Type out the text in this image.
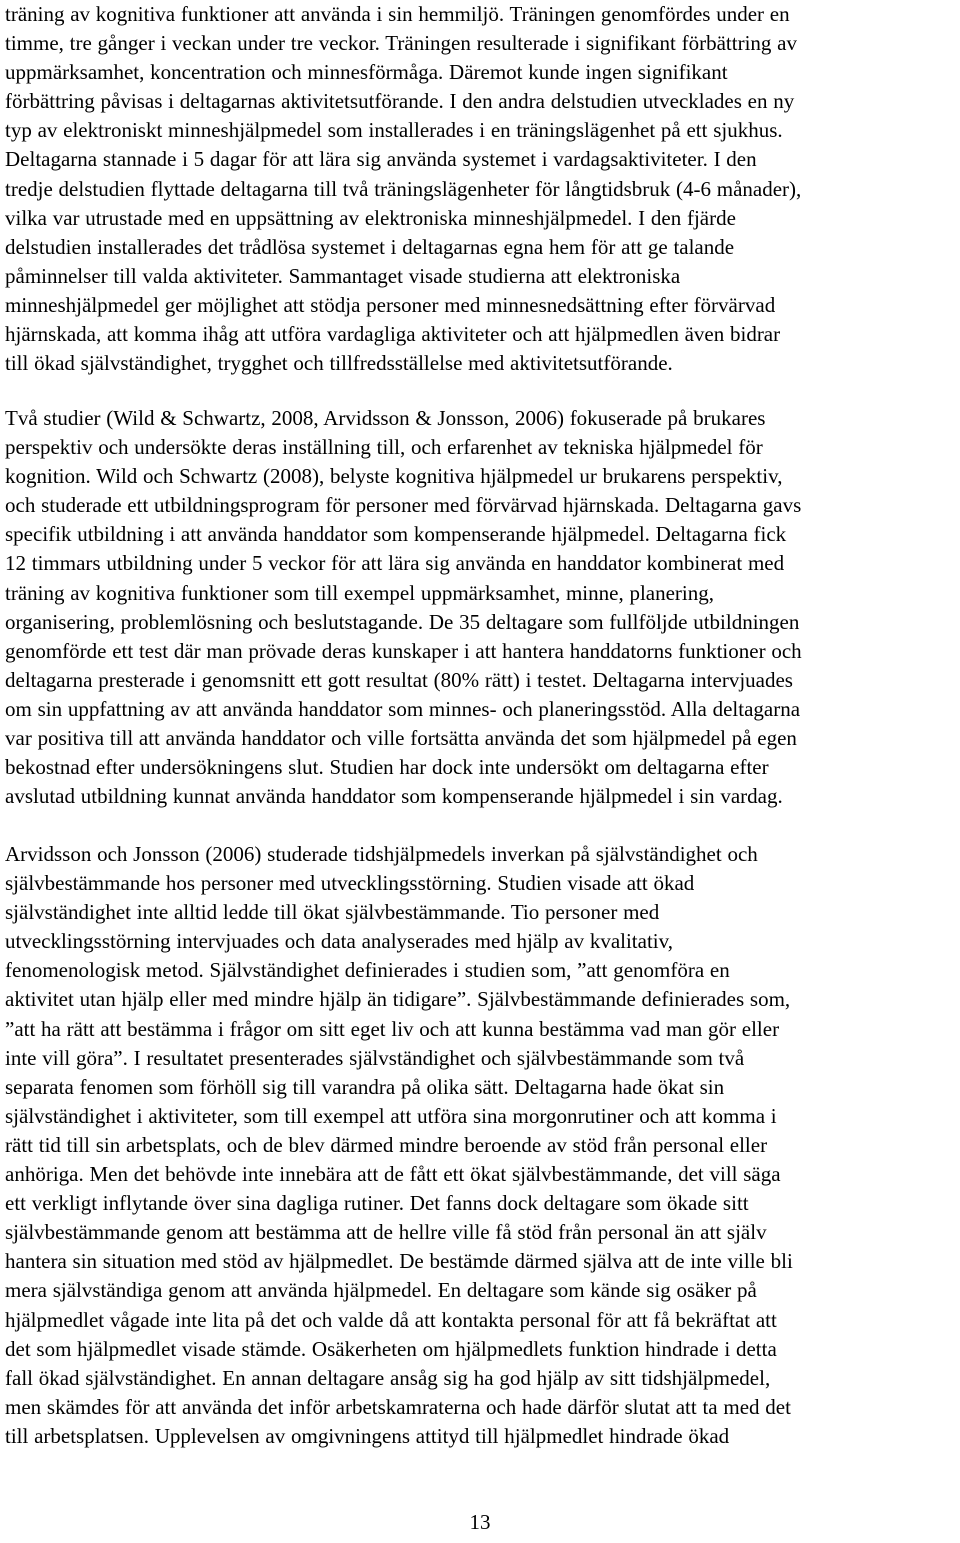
träning av kognitiva funktioner att använda i sin hemmiljö. Träningen genomfördes under en
timme, tre gånger i veckan under tre veckor. Träningen resulterade i signifikant förbättring av
uppmärksamhet, koncentration och minnesförmåga. Däremot kunde ingen signifikant
förbättring påvisas i deltagarnas aktivitetsutförande. I den andra delstudien utvecklades en ny
typ av elektroniskt minneshjälpmedel som installerades i en träningslägenhet på ett sjukhus.
Deltagarna stannade i 5 dagar för att lära sig använda systemet i vardagsaktiviteter. I den
tredje delstudien flyttade deltagarna till två träningslägenheter för långtidsbruk (4-6 månader),
vilka var utrustade med en uppsättning av elektroniska minneshjälpmedel. I den fjärde
delstudien installerades det trådlösa systemet i deltagarnas egna hem för att ge talande
påminnelser till valda aktiviteter. Sammantaget visade studierna att elektroniska
minneshjälpmedel ger möjlighet att stödja personer med minnesnedsättning efter förvärvad
hjärnskada, att komma ihåg att utföra vardagliga aktiviteter och att hjälpmedlen även bidrar
till ökad självständighet, trygghet och tillfredsställelse med aktivitetsutförande.
Två studier (Wild & Schwartz, 2008, Arvidsson & Jonsson, 2006) fokuserade på brukares
perspektiv och undersökte deras inställning till, och erfarenhet av tekniska hjälpmedel för
kognition. Wild och Schwartz (2008), belyste kognitiva hjälpmedel ur brukarens perspektiv,
och studerade ett utbildningsprogram för personer med förvärvad hjärnskada. Deltagarna gavs
specifik utbildning i att använda handdator som kompenserande hjälpmedel. Deltagarna fick
12 timmars utbildning under 5 veckor för att lära sig använda en handdator kombinerat med
träning av kognitiva funktioner som till exempel uppmärksamhet, minne, planering,
organisering, problemlösning och beslutstagande. De 35 deltagare som fullföljde utbildningen
genomförde ett test där man prövade deras kunskaper i att hantera handdatorns funktioner och
deltagarna presterade i genomsnitt ett gott resultat (80% rätt) i testet. Deltagarna intervjuades
om sin uppfattning av att använda handdator som minnes- och planeringsstöd. Alla deltagarna
var positiva till att använda handdator och ville fortsätta använda det som hjälpmedel på egen
bekostnad efter undersökningens slut. Studien har dock inte undersökt om deltagarna efter
avslutad utbildning kunnat använda handdator som kompenserande hjälpmedel i sin vardag.
Arvidsson och Jonsson (2006) studerade tidshjälpmedels inverkan på självständighet och
självbestämmande hos personer med utvecklingsstörning. Studien visade att ökad
självständighet inte alltid ledde till ökat självbestämmande. Tio personer med
utvecklingsstörning intervjuades och data analyserades med hjälp av kvalitativ,
fenomenologisk metod. Självständighet definierades i studien som, ”att genomföra en
aktivitet utan hjälp eller med mindre hjälp än tidigare”. Självbestämmande definierades som,
”att ha rätt att bestämma i frågor om sitt eget liv och att kunna bestämma vad man gör eller
inte vill göra”. I resultatet presenterades självständighet och självbestämmande som två
separata fenomen som förhöll sig till varandra på olika sätt. Deltagarna hade ökat sin
självständighet i aktiviteter, som till exempel att utföra sina morgonrutiner och att komma i
rätt tid till sin arbetsplats, och de blev därmed mindre beroende av stöd från personal eller
anhöriga. Men det behövde inte innebära att de fått ett ökat självbestämmande, det vill säga
ett verkligt inflytande över sina dagliga rutiner. Det fanns dock deltagare som ökade sitt
självbestämmande genom att bestämma att de hellre ville få stöd från personal än att själv
hantera sin situation med stöd av hjälpmedlet. De bestämde därmed själva att de inte ville bli
mera självständiga genom att använda hjälpmedel. En deltagare som kände sig osäker på
hjälpmedlet vågade inte lita på det och valde då att kontakta personal för att få bekräftat att
det som hjälpmedlet visade stämde. Osäkerheten om hjälpmedlets funktion hindrade i detta
fall ökad självständighet. En annan deltagare ansåg sig ha god hjälp av sitt tidshjälpmedel,
men skämdes för att använda det inför arbetskamraterna och hade därför slutat att ta med det
till arbetsplatsen. Upplevelsen av omgivningens attityd till hjälpmedlet hindrade ökad
13
